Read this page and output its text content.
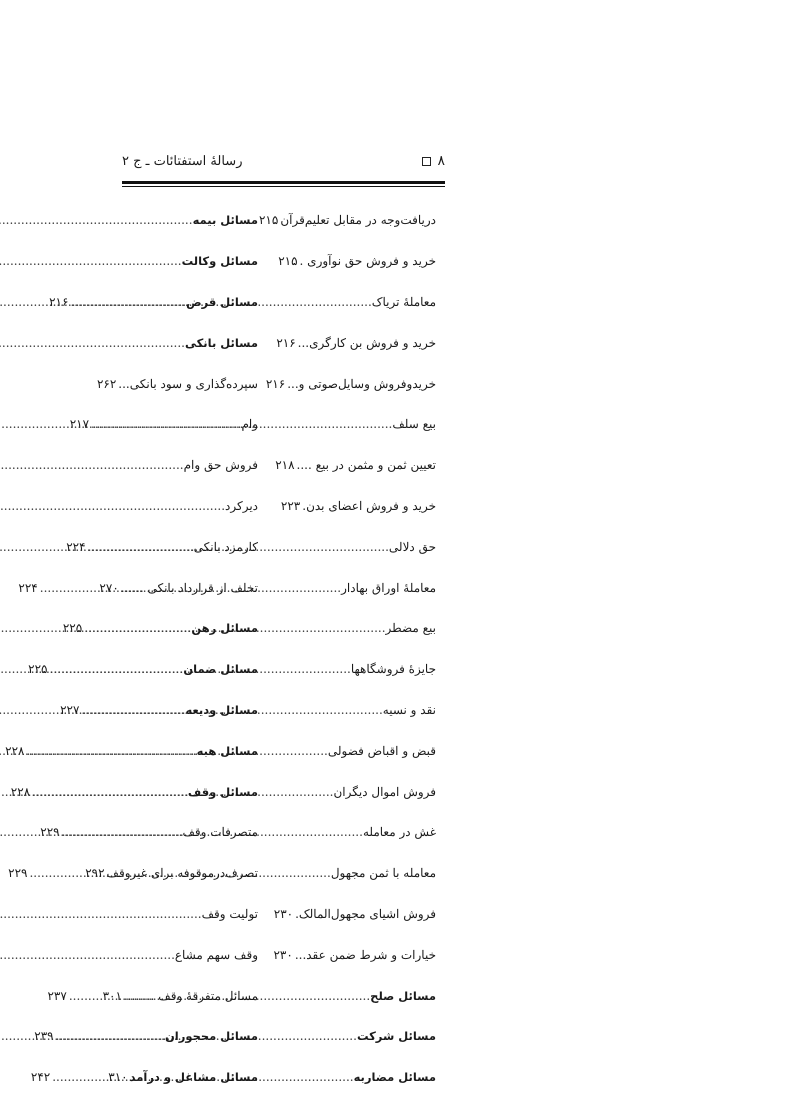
رسالهٔ استفتائات ـ ج ۲	۸
دریافت‌وجه در مقابل تعلیم‌قرآن
۲۱۵
خرید و فروش حق نوآوری .
۲۱۵
معاملهٔ تریاک
.....
۲۱۶
خرید و فروش بن کارگری...
۲۱۶
خریدوفروش وسایل‌صوتی و...
۲۱۶
بیع سلف
.....
۲۱۷
تعیین ثمن و مثمن در بیع ....
۲۱۸
خرید و فروش اعضای بدن.
۲۲۳
حق دلالی
.....
۲۲۴
معاملهٔ اوراق بهادار
.....
۲۲۴
بیع مضطر
.....
۲۲۵
جایزهٔ فروشگاهها
.....
۲۲۵
نقد و نسیه
.....
۲۲۷
قبض و اقباض فضولی
.....
۲۲۸
فروش اموال دیگران
.....
۲۲۸
غش در معامله
.....
۲۲۹
معامله با ثمن مجهول
.....
۲۲۹
فروش اشیای مجهول‌المالک.
۲۳۰
خیارات و شرط ضمن عقد...
۲۳۰
مسائل صلح
.....
۲۳۷
مسائل شرکت
.....
۲۳۹
مسائل مضاربه
.....
۲۴۲
مسائل بیمه
.....
مسائل وکالت
.....
مسائل قرض
.....
مسائل بانکی
.....
سپرده‌گذاری و سود بانکی...
۲۶۲
وام
.....
فروش حق وام
.....
دیرکرد
.....
کارمزد بانکی
.....
تخلف از قرارداد بانکی ......
۲۷۰
مسائل رهن
.....
مسائل ضمان
.....
مسائل ودیعه
.....
مسائل هبه
.....
مسائل وقف
.....
متصرفات وقف
.....
تصرف‌درموقوفه برای غیروقف
۲۹۲
تولیت وقف
.....
وقف سهم مشاع
.....
مسائل متفرقهٔ وقف ........
۳۰۱
مسائل محجوران
.....
مسائل مشاغل و درآمد
۳۱۰
